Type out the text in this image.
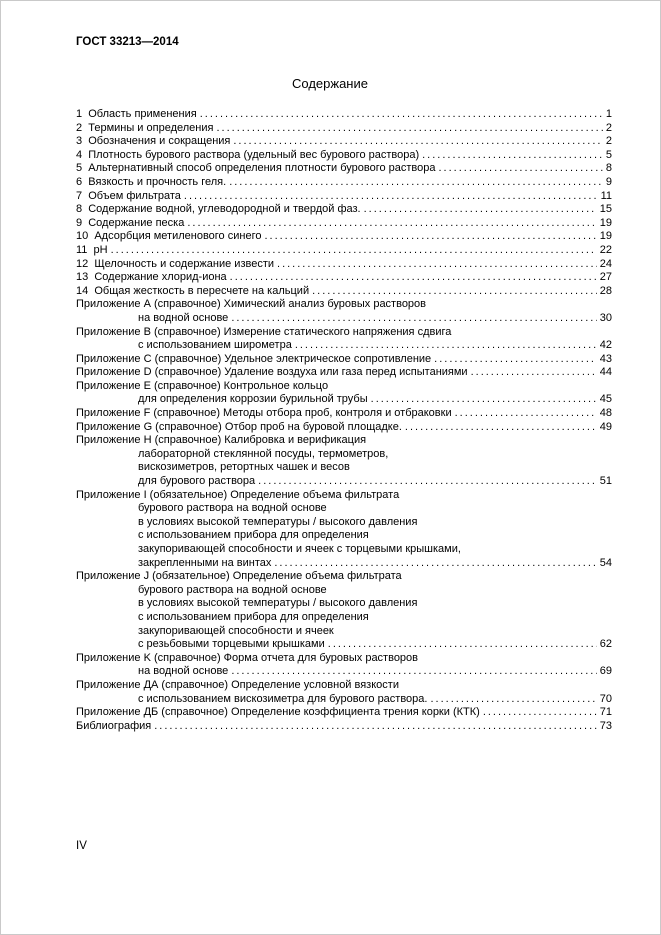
ГОСТ 33213—2014
Содержание
1  Область применения .....	1
2  Термины и определения .....	2
3  Обозначения и сокращения .....	2
4  Плотность бурового раствора (удельный вес бурового раствора) .....	5
5  Альтернативный способ определения плотности бурового раствора .....	8
6  Вязкость и прочность геля. .....	9
7  Объем фильтрата .....	11
8  Содержание водной, углеводородной и твердой фаз. .....	15
9  Содержание песка .....	19
10  Адсорбция метиленового синего .....	19
11  pH .....	22
12  Щелочность и содержание извести .....	24
13  Содержание хлорид-иона .....	27
14  Общая жесткость в пересчете на кальций .....	28
Приложение А (справочное) Химический анализ буровых растворов
на водной основе .....	30
Приложение В (справочное) Измерение статического напряжения сдвига
с использованием широметра .....	42
Приложение С (справочное) Удельное электрическое сопротивление .....	43
Приложение D (справочное) Удаление воздуха или газа перед испытаниями .....	44
Приложение Е (справочное) Контрольное кольцо
для определения коррозии бурильной трубы .....	45
Приложение F (справочное) Методы отбора проб, контроля и отбраковки .....	48
Приложение G (справочное) Отбор проб на буровой площадке. .....	49
Приложение Н (справочное) Калибровка и верификация
лабораторной стеклянной посуды, термометров,
вискозиметров, ретортных чашек и весов
для бурового раствора .....	51
Приложение I (обязательное) Определение объема фильтрата
бурового раствора на водной основе
в условиях высокой температуры / высокого давления
с использованием прибора для определения
закупоривающей способности и ячеек с торцевыми крышками,
закрепленными на винтах .....	54
Приложение J (обязательное) Определение объема фильтрата
бурового раствора на водной основе
в условиях высокой температуры / высокого давления
с использованием прибора для определения
закупоривающей способности и ячеек
с резьбовыми торцевыми крышками .....	62
Приложение K (справочное) Форма отчета для буровых растворов
на водной основе .....	69
Приложение ДА (справочное) Определение условной вязкости
с использованием вискозиметра для бурового раствора. .....	70
Приложение ДБ (справочное) Определение коэффициента трения корки (КТК) .....	71
Библиография .....	73
IV
